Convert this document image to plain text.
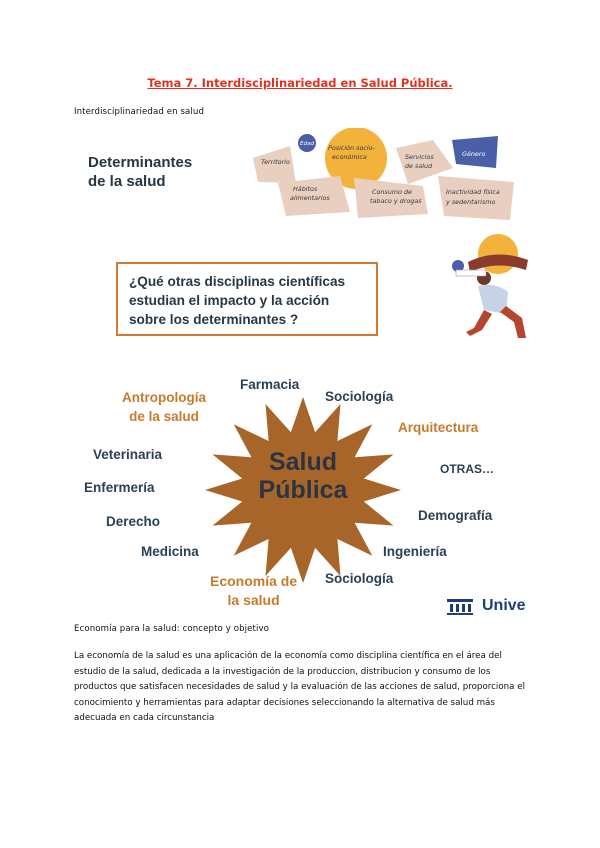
Tema 7. Interdisciplinariedad en Salud Pública.
Interdisciplinariedad en salud
Determinantes
de la salud
Territorio
Edad Posición socio-
económica	Servicios
de salud
Género
Hábitos
alimentarios
Consumo de
tabaco y drogas
Inactividad física
y sedentarismo
¿Qué otras disciplinas científicas
estudian el impacto y la acción
sobre los determinantes ?
Salud
Pública
Antropología
de la salud
Farmacia
Sociología
Arquitectura
Veterinaria
OTRAS…
Enfermería
Derecho	Demografía
Medicina	Ingeniería
Economía de
la salud
Sociología
Unive
Economía para la salud: concepto y objetivo
La economía de la salud es una aplicación de la economía como disciplina científica en el área del estudio de la salud, dedicada a la investigación de la produccion, distribucion y consumo de los productos que satisfacen necesidades de salud y la evaluación de las acciones de salud, proporciona el conocimiento y herramientas para adaptar decisiones seleccionando la alternativa de salud más adecuada en cada circunstancia
